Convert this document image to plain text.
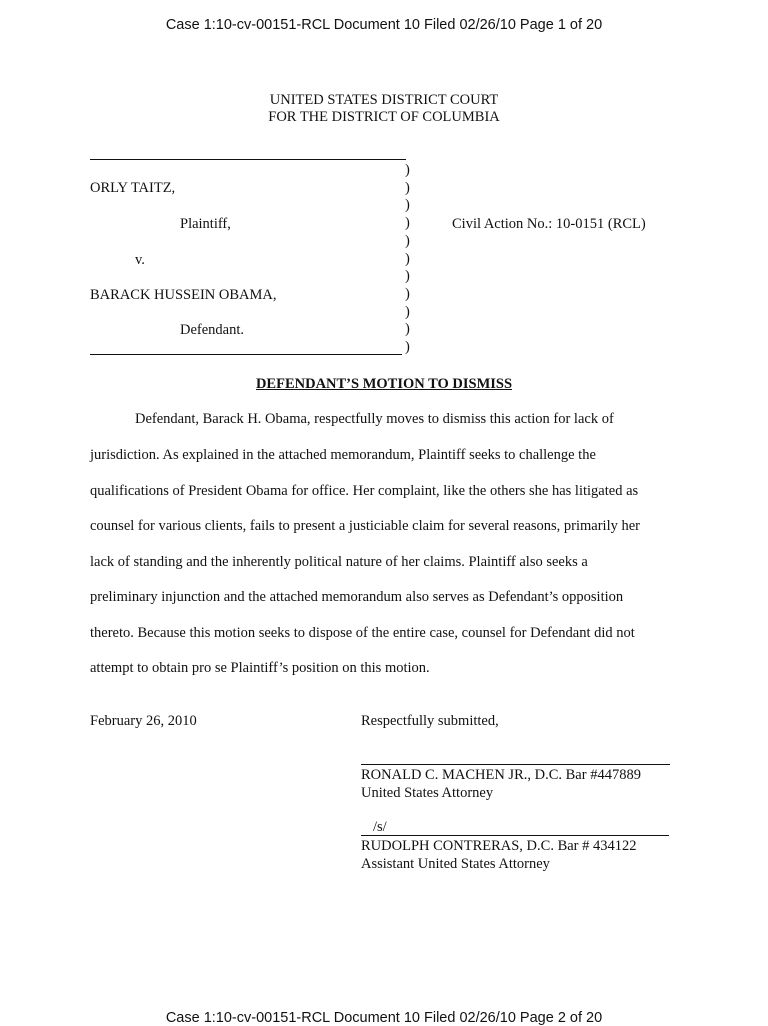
Case 1:10-cv-00151-RCL Document 10 Filed 02/26/10 Page 1 of 20
UNITED STATES DISTRICT COURT
FOR THE DISTRICT OF COLUMBIA
ORLY TAITZ,
Plaintiff,
v.
BARACK HUSSEIN OBAMA,
Defendant.
)
)
)
)
)
)
)
)
)
)
)
Civil Action No.: 10-0151 (RCL)
DEFENDANT’S MOTION TO DISMISS
Defendant, Barack H. Obama, respectfully moves to dismiss this action for lack of
jurisdiction. As explained in the attached memorandum, Plaintiff seeks to challenge the
qualifications of President Obama for office. Her complaint, like the others she has litigated as
counsel for various clients, fails to present a justiciable claim for several reasons, primarily her
lack of standing and the inherently political nature of her claims. Plaintiff also seeks a
preliminary injunction and the attached memorandum also serves as Defendant’s opposition
thereto. Because this motion seeks to dispose of the entire case, counsel for Defendant did not
attempt to obtain pro se Plaintiff’s position on this motion.
February 26, 2010	Respectfully submitted,
RONALD C. MACHEN JR., D.C. Bar #447889
United States Attorney
/s/
RUDOLPH CONTRERAS, D.C. Bar # 434122
Assistant United States Attorney
Case 1:10-cv-00151-RCL Document 10 Filed 02/26/10 Page 2 of 20
